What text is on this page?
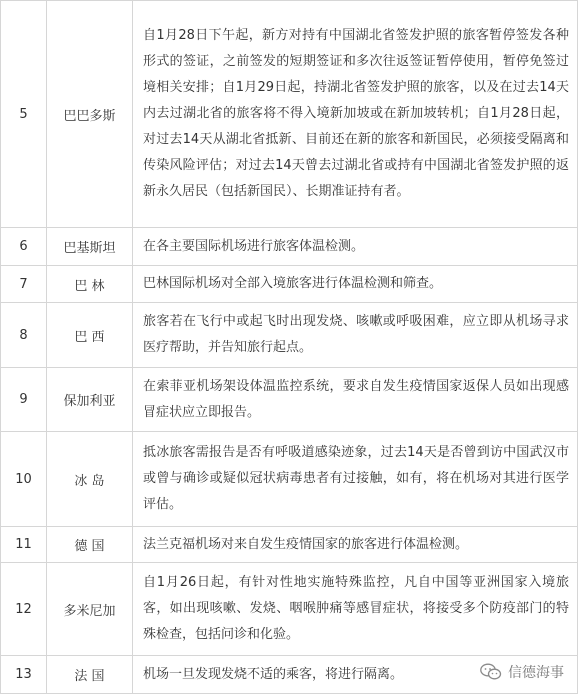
5	巴巴多斯	自1月28日下午起，新方对持有中国湖北省签发护照的旅客暂停签发各种形式的签证，之前签发的短期签证和多次往返签证暂停使用，暂停免签过境相关安排；自1月29日起，持湖北省签发护照的旅客，以及在过去14天内去过湖北省的旅客将不得入境新加坡或在新加坡转机；自1月28日起，对过去14天从湖北省抵新、目前还在新的旅客和新国民，必须接受隔离和传染风险评估；对过去14天曾去过湖北省或持有中国湖北省签发护照的返新永久居民（包括新国民）、长期准证持有者。
6	巴基斯坦	在各主要国际机场进行旅客体温检测。
7	巴 林	巴林国际机场对全部入境旅客进行体温检测和筛查。
8	巴 西	旅客若在飞行中或起飞时出现发烧、咳嗽或呼吸困难，应立即从机场寻求医疗帮助，并告知旅行起点。
9	保加利亚	在索菲亚机场架设体温监控系统，要求自发生疫情国家返保人员如出现感冒症状应立即报告。
10	冰 岛	抵冰旅客需报告是否有呼吸道感染迹象，过去14天是否曾到访中国武汉市或曾与确诊或疑似冠状病毒患者有过接触，如有，将在机场对其进行医学评估。
11	德 国	法兰克福机场对来自发生疫情国家的旅客进行体温检测。
12	多米尼加	自1月26日起，有针对性地实施特殊监控，凡自中国等亚洲国家入境旅客，如出现咳嗽、发烧、咽喉肿痛等感冒症状，将接受多个防疫部门的特殊检查，包括问诊和化验。
13	法 国	机场一旦发现发烧不适的乘客，将进行隔离。	信德海事
